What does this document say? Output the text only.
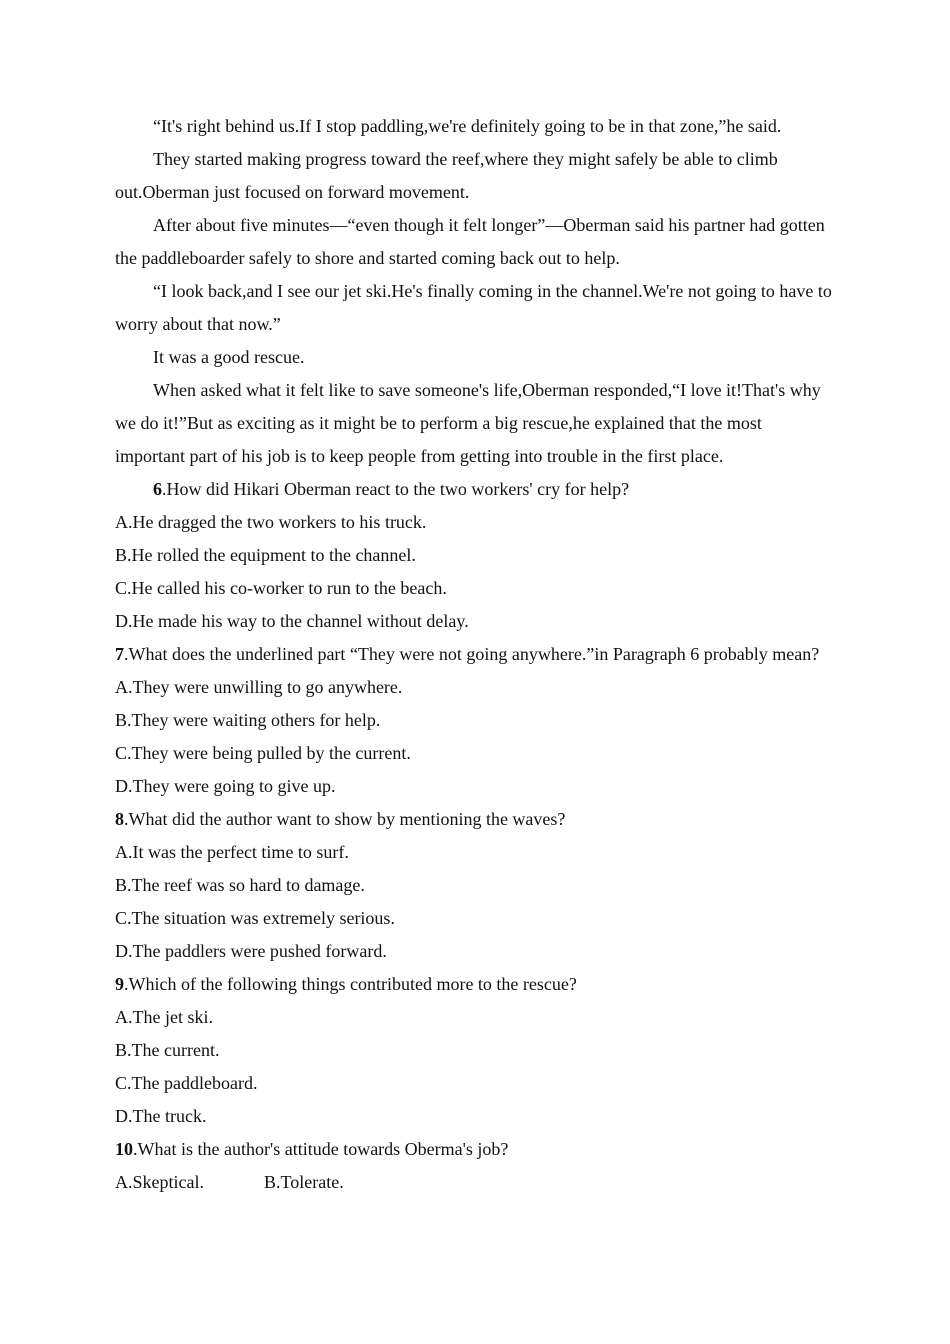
“It's right behind us.If I stop paddling,we're definitely going to be in that zone,”he said.

They started making progress toward the reef,where they might safely be able to climb out.Oberman just focused on forward movement.

After about five minutes—“even though it felt longer”—Oberman said his partner had gotten the paddleboarder safely to shore and started coming back out to help.

“I look back,and I see our jet ski.He's finally coming in the channel.We're not going to have to worry about that now.”

It was a good rescue.

When asked what it felt like to save someone's life,Oberman responded,“I love it!That's why we do it!”But as exciting as it might be to perform a big rescue,he explained that the most important part of his job is to keep people from getting into trouble in the first place.

6.How did Hikari Oberman react to the two workers' cry for help?

A.He dragged the two workers to his truck.

B.He rolled the equipment to the channel.

C.He called his co-worker to run to the beach.

D.He made his way to the channel without delay.

7.What does the underlined part “They were not going anywhere.”in Paragraph 6 probably mean?

A.They were unwilling to go anywhere.

B.They were waiting others for help.

C.They were being pulled by the current.

D.They were going to give up.

8.What did the author want to show by mentioning the waves?

A.It was the perfect time to surf.

B.The reef was so hard to damage.

C.The situation was extremely serious.

D.The paddlers were pushed forward.

9.Which of the following things contributed more to the rescue?

A.The jet ski.

B.The current.

C.The paddleboard.

D.The truck.

10.What is the author's attitude towards Oberma's job?

A.Skeptical.	B.Tolerate.
